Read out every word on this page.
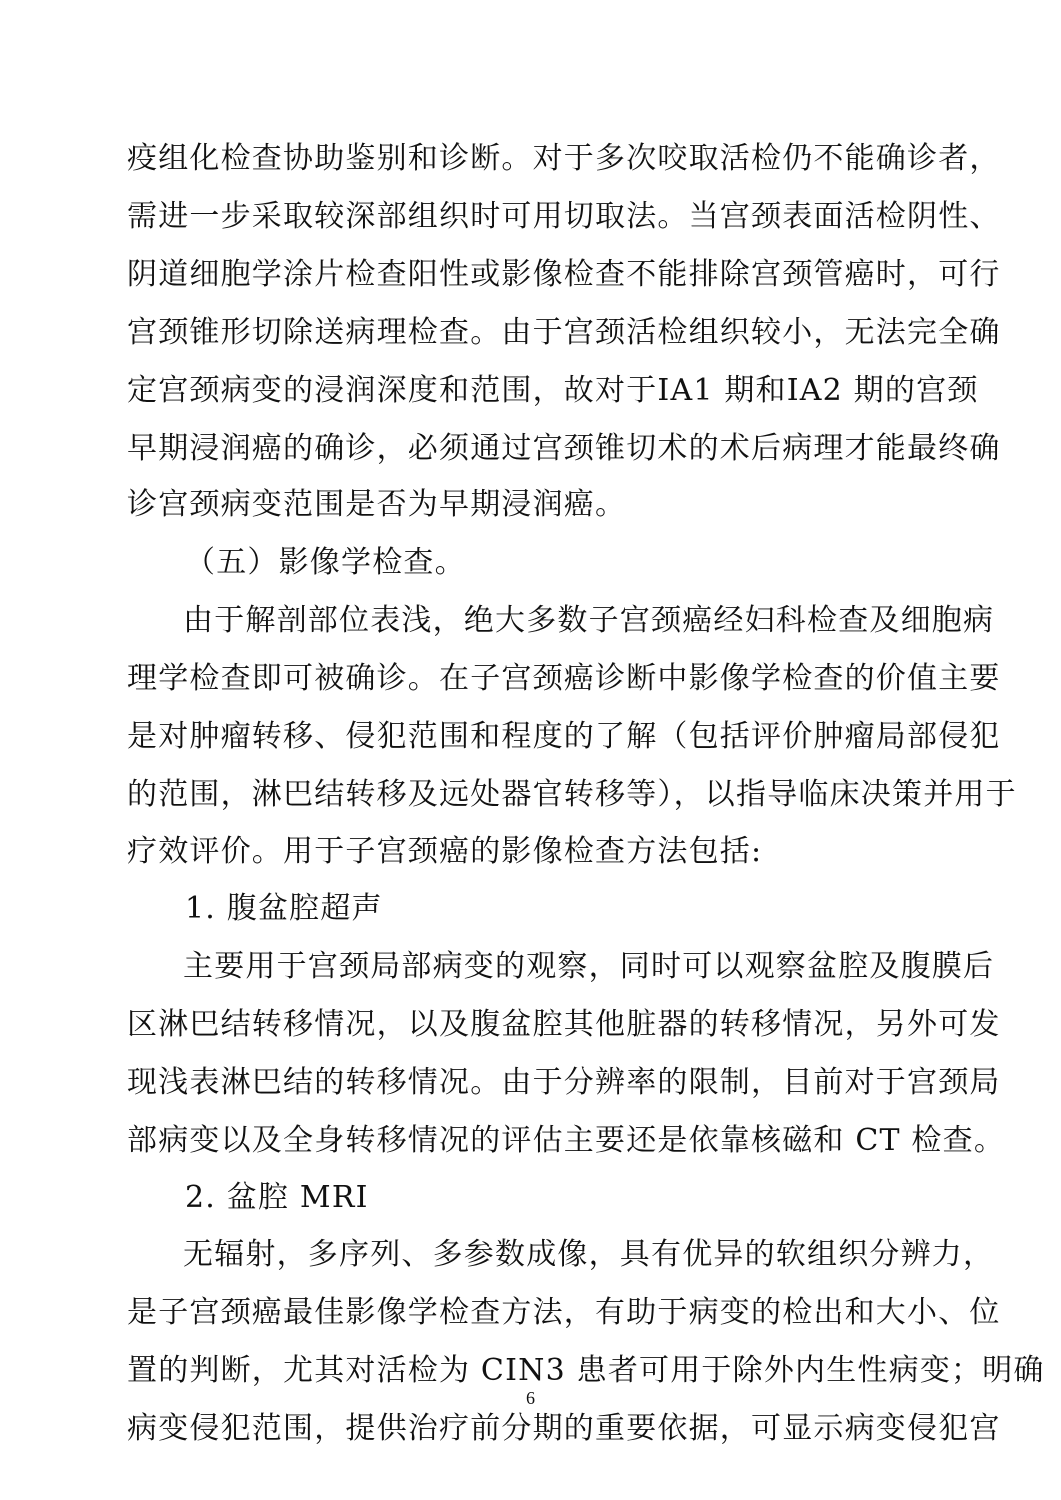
疫组化检查协助鉴别和诊断。对于多次咬取活检仍不能确诊者，
需进一步采取较深部组织时可用切取法。当宫颈表面活检阴性、
阴道细胞学涂片检查阳性或影像检查不能排除宫颈管癌时，可行
宫颈锥形切除送病理检查。由于宫颈活检组织较小，无法完全确
定宫颈病变的浸润深度和范围，故对于ⅠA1 期和ⅠA2 期的宫颈
早期浸润癌的确诊，必须通过宫颈锥切术的术后病理才能最终确
诊宫颈病变范围是否为早期浸润癌。
（五）影像学检查。
由于解剖部位表浅，绝大多数子宫颈癌经妇科检查及细胞病
理学检查即可被确诊。在子宫颈癌诊断中影像学检查的价值主要
是对肿瘤转移、侵犯范围和程度的了解（包括评价肿瘤局部侵犯
的范围，淋巴结转移及远处器官转移等），以指导临床决策并用于
疗效评价。用于子宫颈癌的影像检查方法包括:
1. 腹盆腔超声
主要用于宫颈局部病变的观察，同时可以观察盆腔及腹膜后
区淋巴结转移情况，以及腹盆腔其他脏器的转移情况，另外可发
现浅表淋巴结的转移情况。由于分辨率的限制，目前对于宫颈局
部病变以及全身转移情况的评估主要还是依靠核磁和 CT 检查。
2. 盆腔 MRI
无辐射，多序列、多参数成像，具有优异的软组织分辨力，
是子宫颈癌最佳影像学检查方法，有助于病变的检出和大小、位
置的判断，尤其对活检为 CIN3 患者可用于除外内生性病变；明确
病变侵犯范围，提供治疗前分期的重要依据，可显示病变侵犯宫
6
